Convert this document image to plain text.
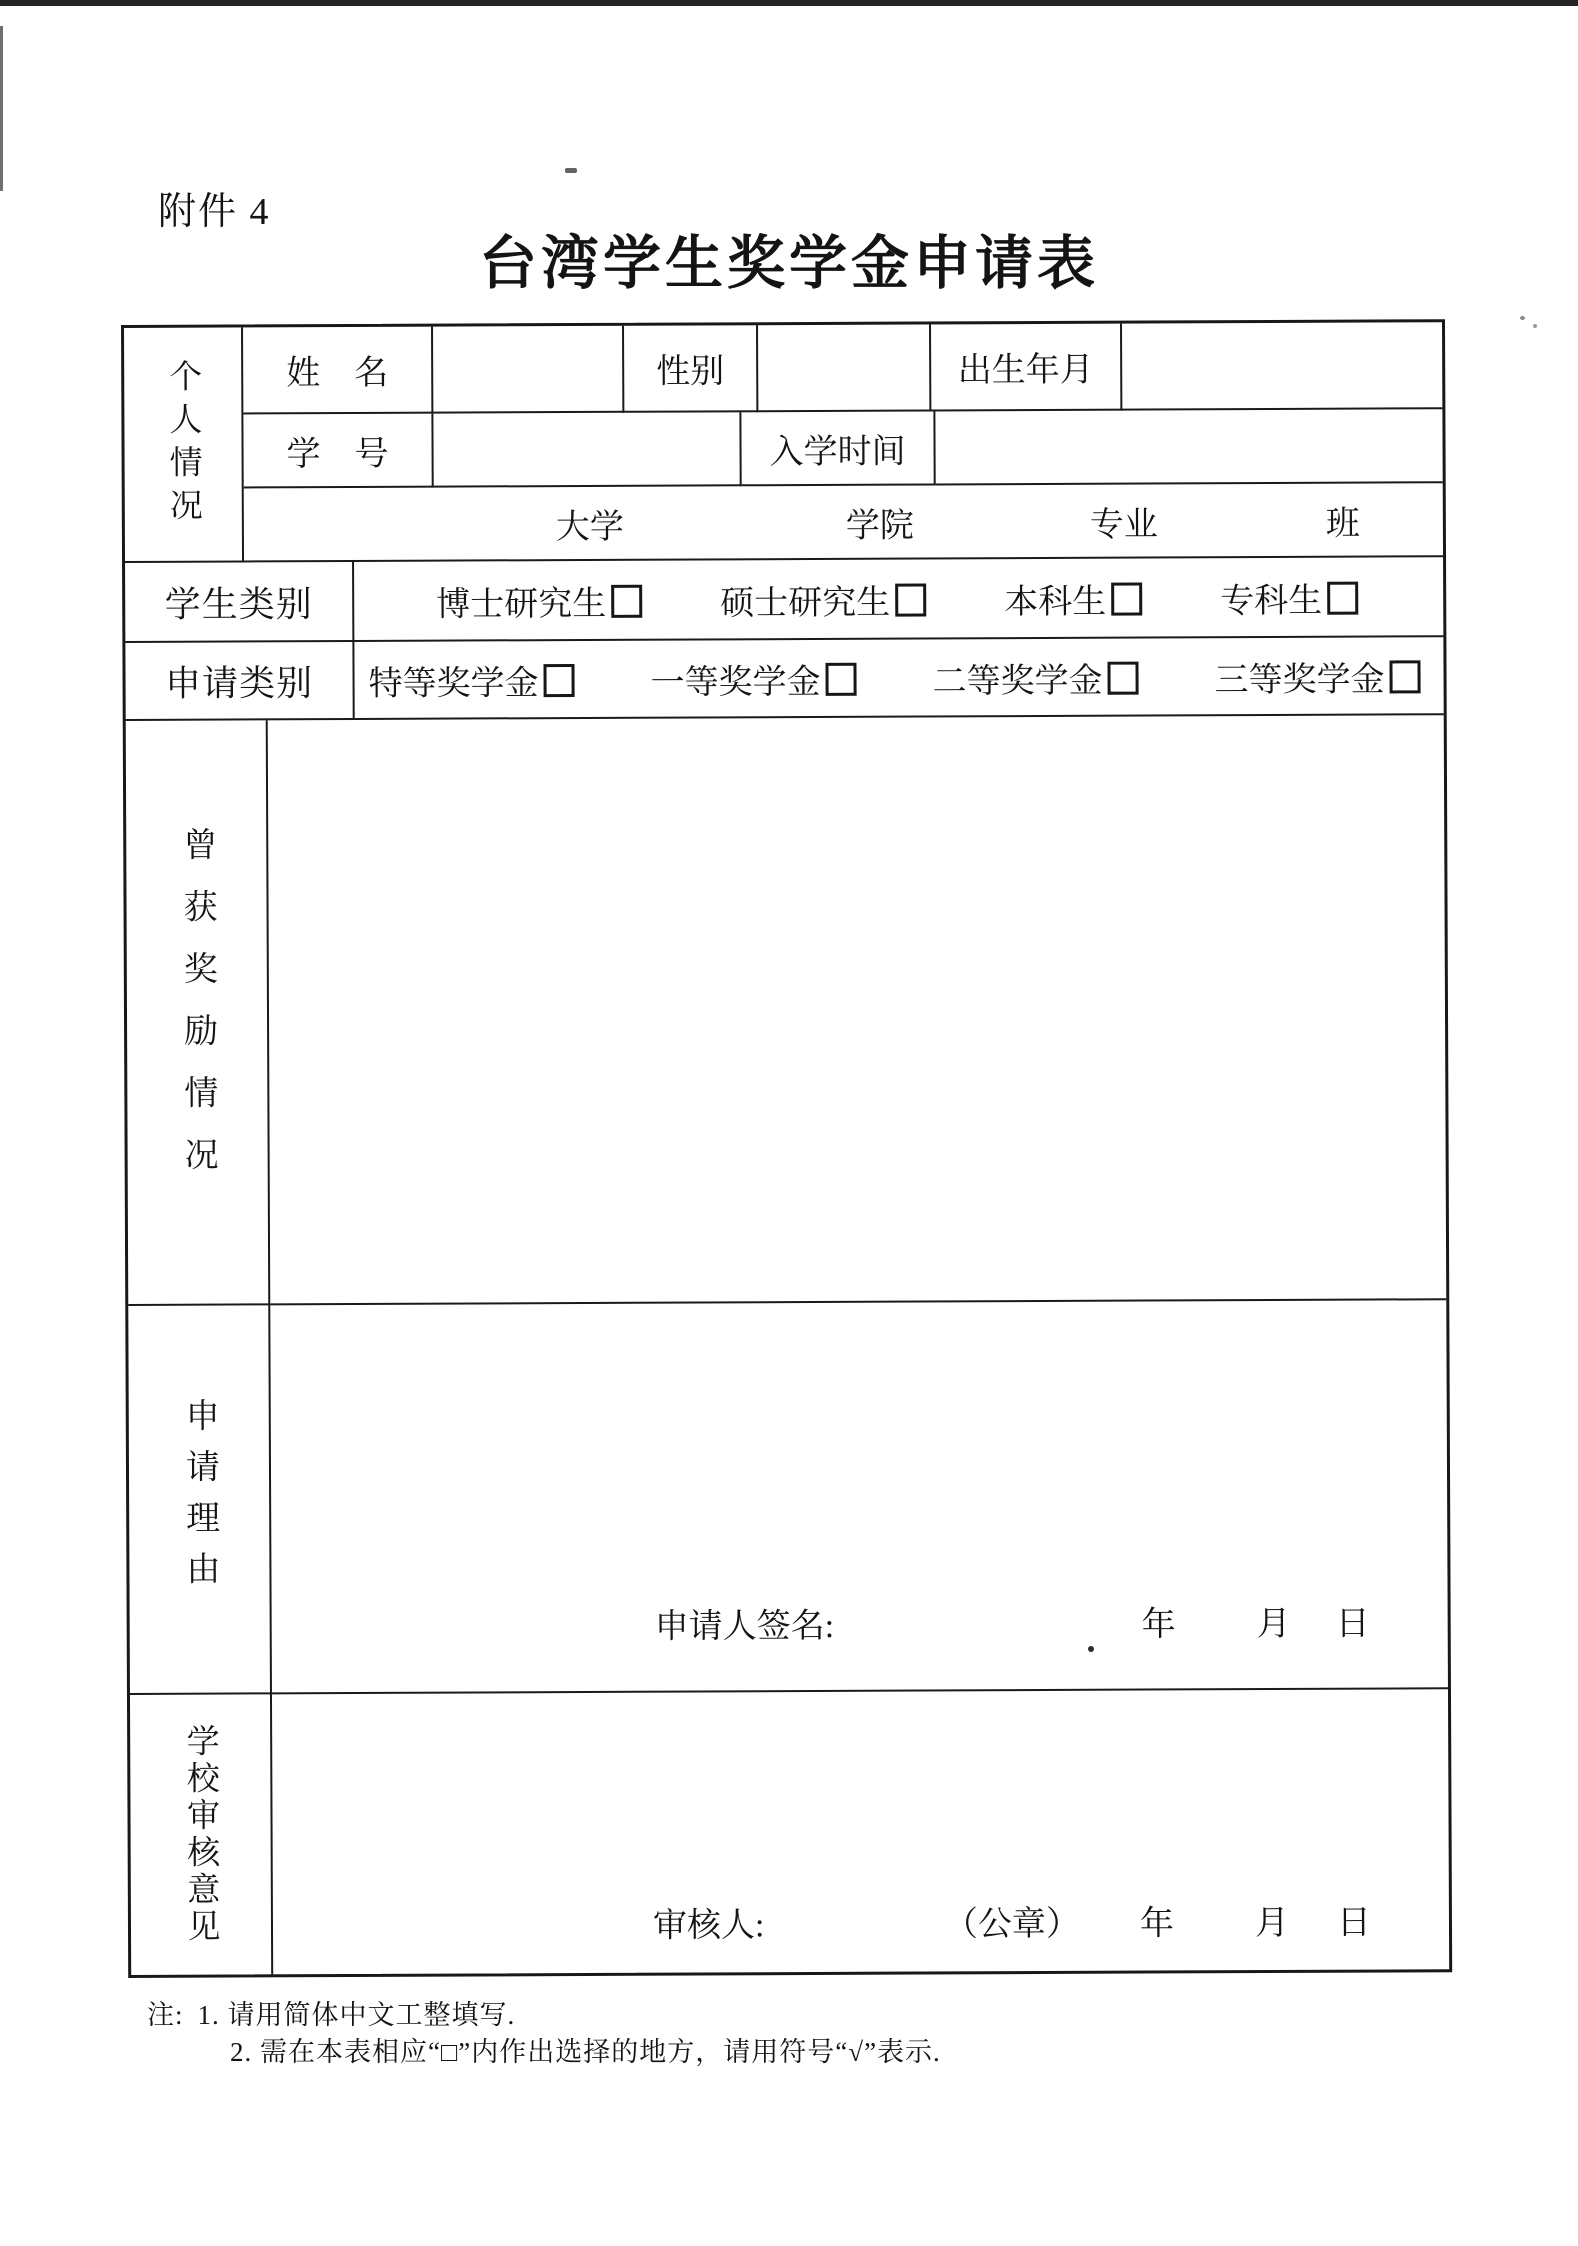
附件 4
台湾学生奖学金申请表
个人情况	姓　名	性别	出生年月
学　号	入学时间
大学	学院	专业	班
学生类别	博士研究生	硕士研究生	本科生	专科生
申请类别	特等奖学金	一等奖学金	二等奖学金	三等奖学金
曾获奖励情况
申请理由
申请人签名:	年 月 日
学校审核意见	审核人:	（公章） 年 月 日
注: 1. 请用简体中文工整填写.
2. 需在本表相应“□”内作出选择的地方，请用符号“√”表示.
